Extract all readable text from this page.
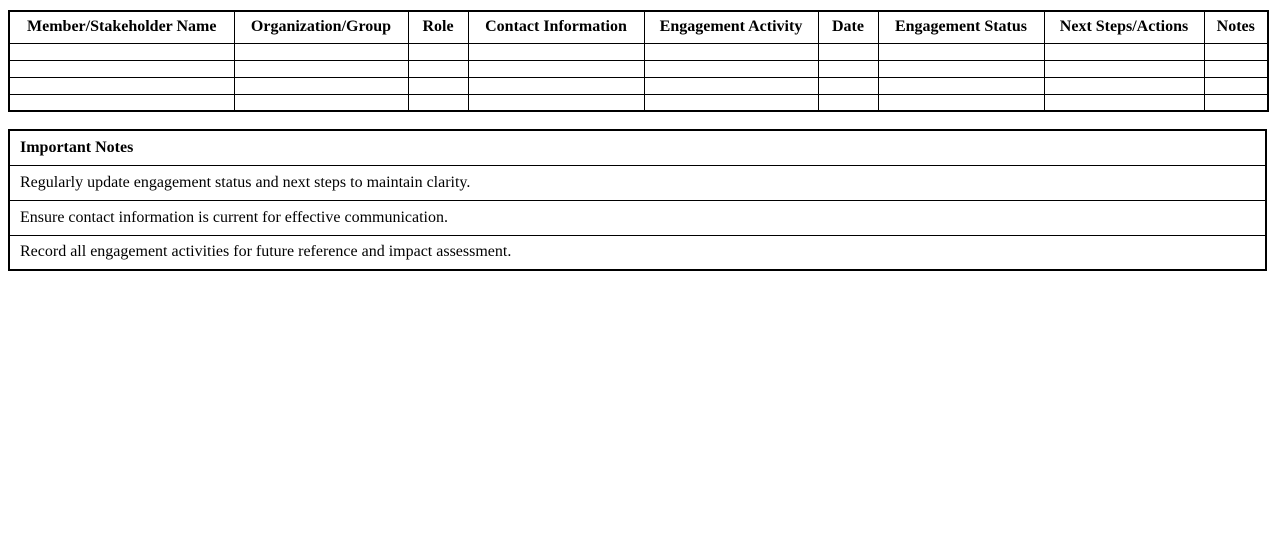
Member/Stakeholder Name	Organization/Group	Role	Contact Information	Engagement Activity	Date	Engagement Status	Next Steps/Actions	Notes

Important Notes
Regularly update engagement status and next steps to maintain clarity.
Ensure contact information is current for effective communication.
Record all engagement activities for future reference and impact assessment.
